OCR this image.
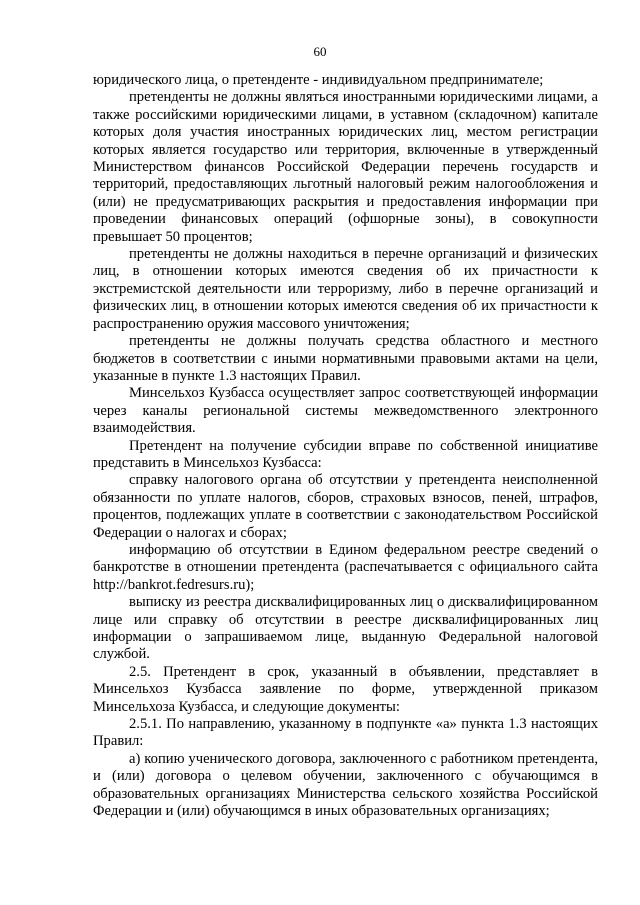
60

юридического лица, о претенденте - индивидуальном предпринимателе;

претенденты не должны являться иностранными юридическими лицами, а также российскими юридическими лицами, в уставном (складочном) капитале которых доля участия иностранных юридических лиц, местом регистрации которых является государство или территория, включенные в утвержденный Министерством финансов Российской Федерации перечень государств и территорий, предоставляющих льготный налоговый режим налогообложения и (или) не предусматривающих раскрытия и предоставления информации при проведении финансовых операций (офшорные зоны), в совокупности превышает 50 процентов;

претенденты не должны находиться в перечне организаций и физических лиц, в отношении которых имеются сведения об их причастности к экстремистской деятельности или терроризму, либо в перечне организаций и физических лиц, в отношении которых имеются сведения об их причастности к распространению оружия массового уничтожения;

претенденты не должны получать средства областного и местного бюджетов в соответствии с иными нормативными правовыми актами на цели, указанные в пункте 1.3 настоящих Правил.

Минсельхоз Кузбасса осуществляет запрос соответствующей информации через каналы региональной системы межведомственного электронного взаимодействия.

Претендент на получение субсидии вправе по собственной инициативе представить в Минсельхоз Кузбасса:

справку налогового органа об отсутствии у претендента неисполненной обязанности по уплате налогов, сборов, страховых взносов, пеней, штрафов, процентов, подлежащих уплате в соответствии с законодательством Российской Федерации о налогах и сборах;

информацию об отсутствии в Едином федеральном реестре сведений о банкротстве в отношении претендента (распечатывается с официального сайта http://bankrot.fedresurs.ru);

выписку из реестра дисквалифицированных лиц о дисквалифицированном лице или справку об отсутствии в реестре дисквалифицированных лиц информации о запрашиваемом лице, выданную Федеральной налоговой службой.

2.5. Претендент в срок, указанный в объявлении, представляет в Минсельхоз Кузбасса заявление по форме, утвержденной приказом Минсельхоза Кузбасса, и следующие документы:

2.5.1. По направлению, указанному в подпункте «а» пункта 1.3 настоящих Правил:

а) копию ученического договора, заключенного с работником претендента, и (или) договора о целевом обучении, заключенного с обучающимся в образовательных организациях Министерства сельского хозяйства Российской Федерации и (или) обучающимся в иных образовательных организациях;
